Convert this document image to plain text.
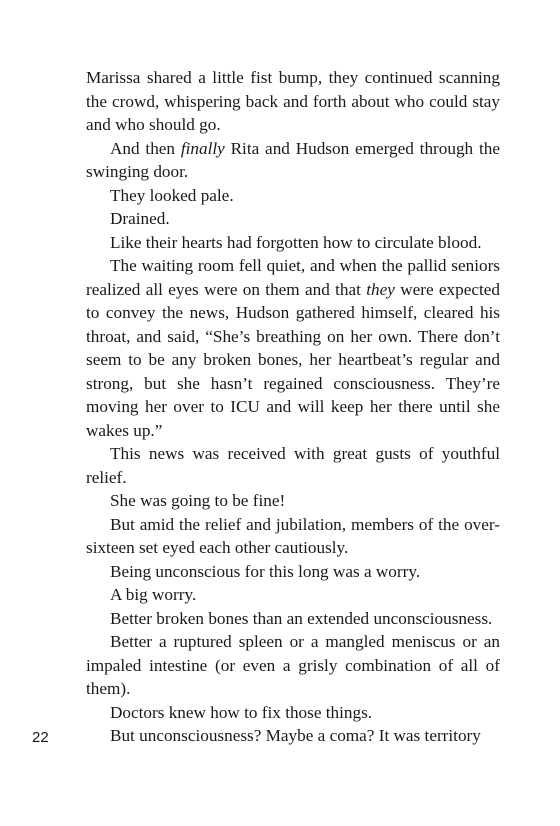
Marissa shared a little fist bump, they continued scanning the crowd, whispering back and forth about who could stay and who should go.

And then finally Rita and Hudson emerged through the swinging door.

They looked pale.

Drained.

Like their hearts had forgotten how to circulate blood.

The waiting room fell quiet, and when the pallid seniors realized all eyes were on them and that they were expected to convey the news, Hudson gathered himself, cleared his throat, and said, “She’s breathing on her own. There don’t seem to be any broken bones, her heartbeat’s regular and strong, but she hasn’t regained consciousness. They’re moving her over to ICU and will keep her there until she wakes up.”

This news was received with great gusts of youthful relief.

She was going to be fine!

But amid the relief and jubilation, members of the over-sixteen set eyed each other cautiously.

Being unconscious for this long was a worry.

A big worry.

Better broken bones than an extended unconsciousness.

Better a ruptured spleen or a mangled meniscus or an impaled intestine (or even a grisly combination of all of them).

Doctors knew how to fix those things.

But unconsciousness? Maybe a coma? It was territory

22
